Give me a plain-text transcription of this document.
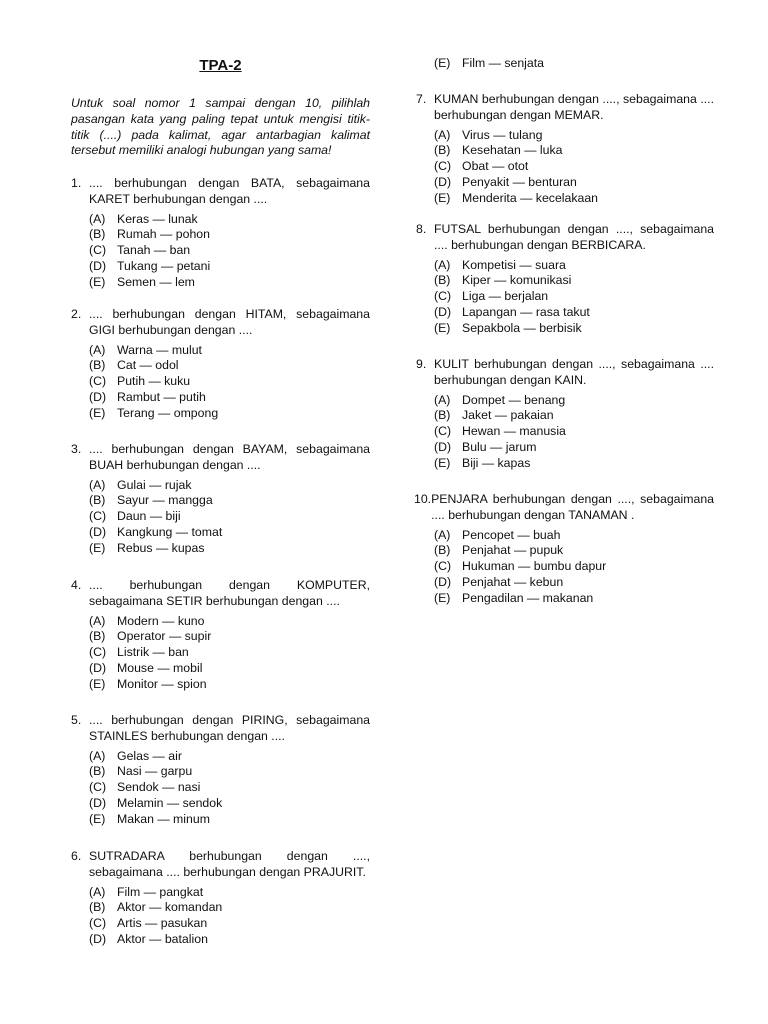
TPA-2
Untuk soal nomor 1 sampai dengan 10, pilihlah pasangan kata yang paling tepat untuk mengisi titik-titik (....) pada kalimat, agar antarbagian kalimat tersebut memiliki analogi hubungan yang sama!
1. .... berhubungan dengan BATA, sebagaimana KARET berhubungan dengan ....
(A) Keras — lunak
(B) Rumah — pohon
(C) Tanah — ban
(D) Tukang — petani
(E) Semen — lem
2. .... berhubungan dengan HITAM, sebagaimana GIGI berhubungan dengan ....
(A) Warna — mulut
(B) Cat — odol
(C) Putih — kuku
(D) Rambut — putih
(E) Terang — ompong
3. .... berhubungan dengan BAYAM, sebagaimana BUAH berhubungan dengan ....
(A) Gulai — rujak
(B) Sayur — mangga
(C) Daun — biji
(D) Kangkung — tomat
(E) Rebus — kupas
4. .... berhubungan dengan KOMPUTER, sebagaimana SETIR berhubungan dengan ....
(A) Modern — kuno
(B) Operator — supir
(C) Listrik — ban
(D) Mouse — mobil
(E) Monitor — spion
5. .... berhubungan dengan PIRING, sebagaimana STAINLES berhubungan dengan ....
(A) Gelas — air
(B) Nasi — garpu
(C) Sendok — nasi
(D) Melamin — sendok
(E) Makan — minum
6. SUTRADARA berhubungan dengan ...., sebagaimana .... berhubungan dengan PRAJURIT.
(A) Film — pangkat
(B) Aktor — komandan
(C) Artis — pasukan
(D) Aktor — batalion
(E) Film — senjata
7. KUMAN berhubungan dengan ...., sebagaimana .... berhubungan dengan MEMAR.
(A) Virus — tulang
(B) Kesehatan — luka
(C) Obat — otot
(D) Penyakit — benturan
(E) Menderita — kecelakaan
8. FUTSAL berhubungan dengan ...., sebagaimana .... berhubungan dengan BERBICARA.
(A) Kompetisi — suara
(B) Kiper — komunikasi
(C) Liga — berjalan
(D) Lapangan — rasa takut
(E) Sepakbola — berbisik
9. KULIT berhubungan dengan ...., sebagaimana .... berhubungan dengan KAIN.
(A) Dompet — benang
(B) Jaket — pakaian
(C) Hewan — manusia
(D) Bulu — jarum
(E) Biji — kapas
10. PENJARA berhubungan dengan ...., sebagaimana .... berhubungan dengan TANAMAN .
(A) Pencopet — buah
(B) Penjahat — pupuk
(C) Hukuman — bumbu dapur
(D) Penjahat — kebun
(E) Pengadilan — makanan
